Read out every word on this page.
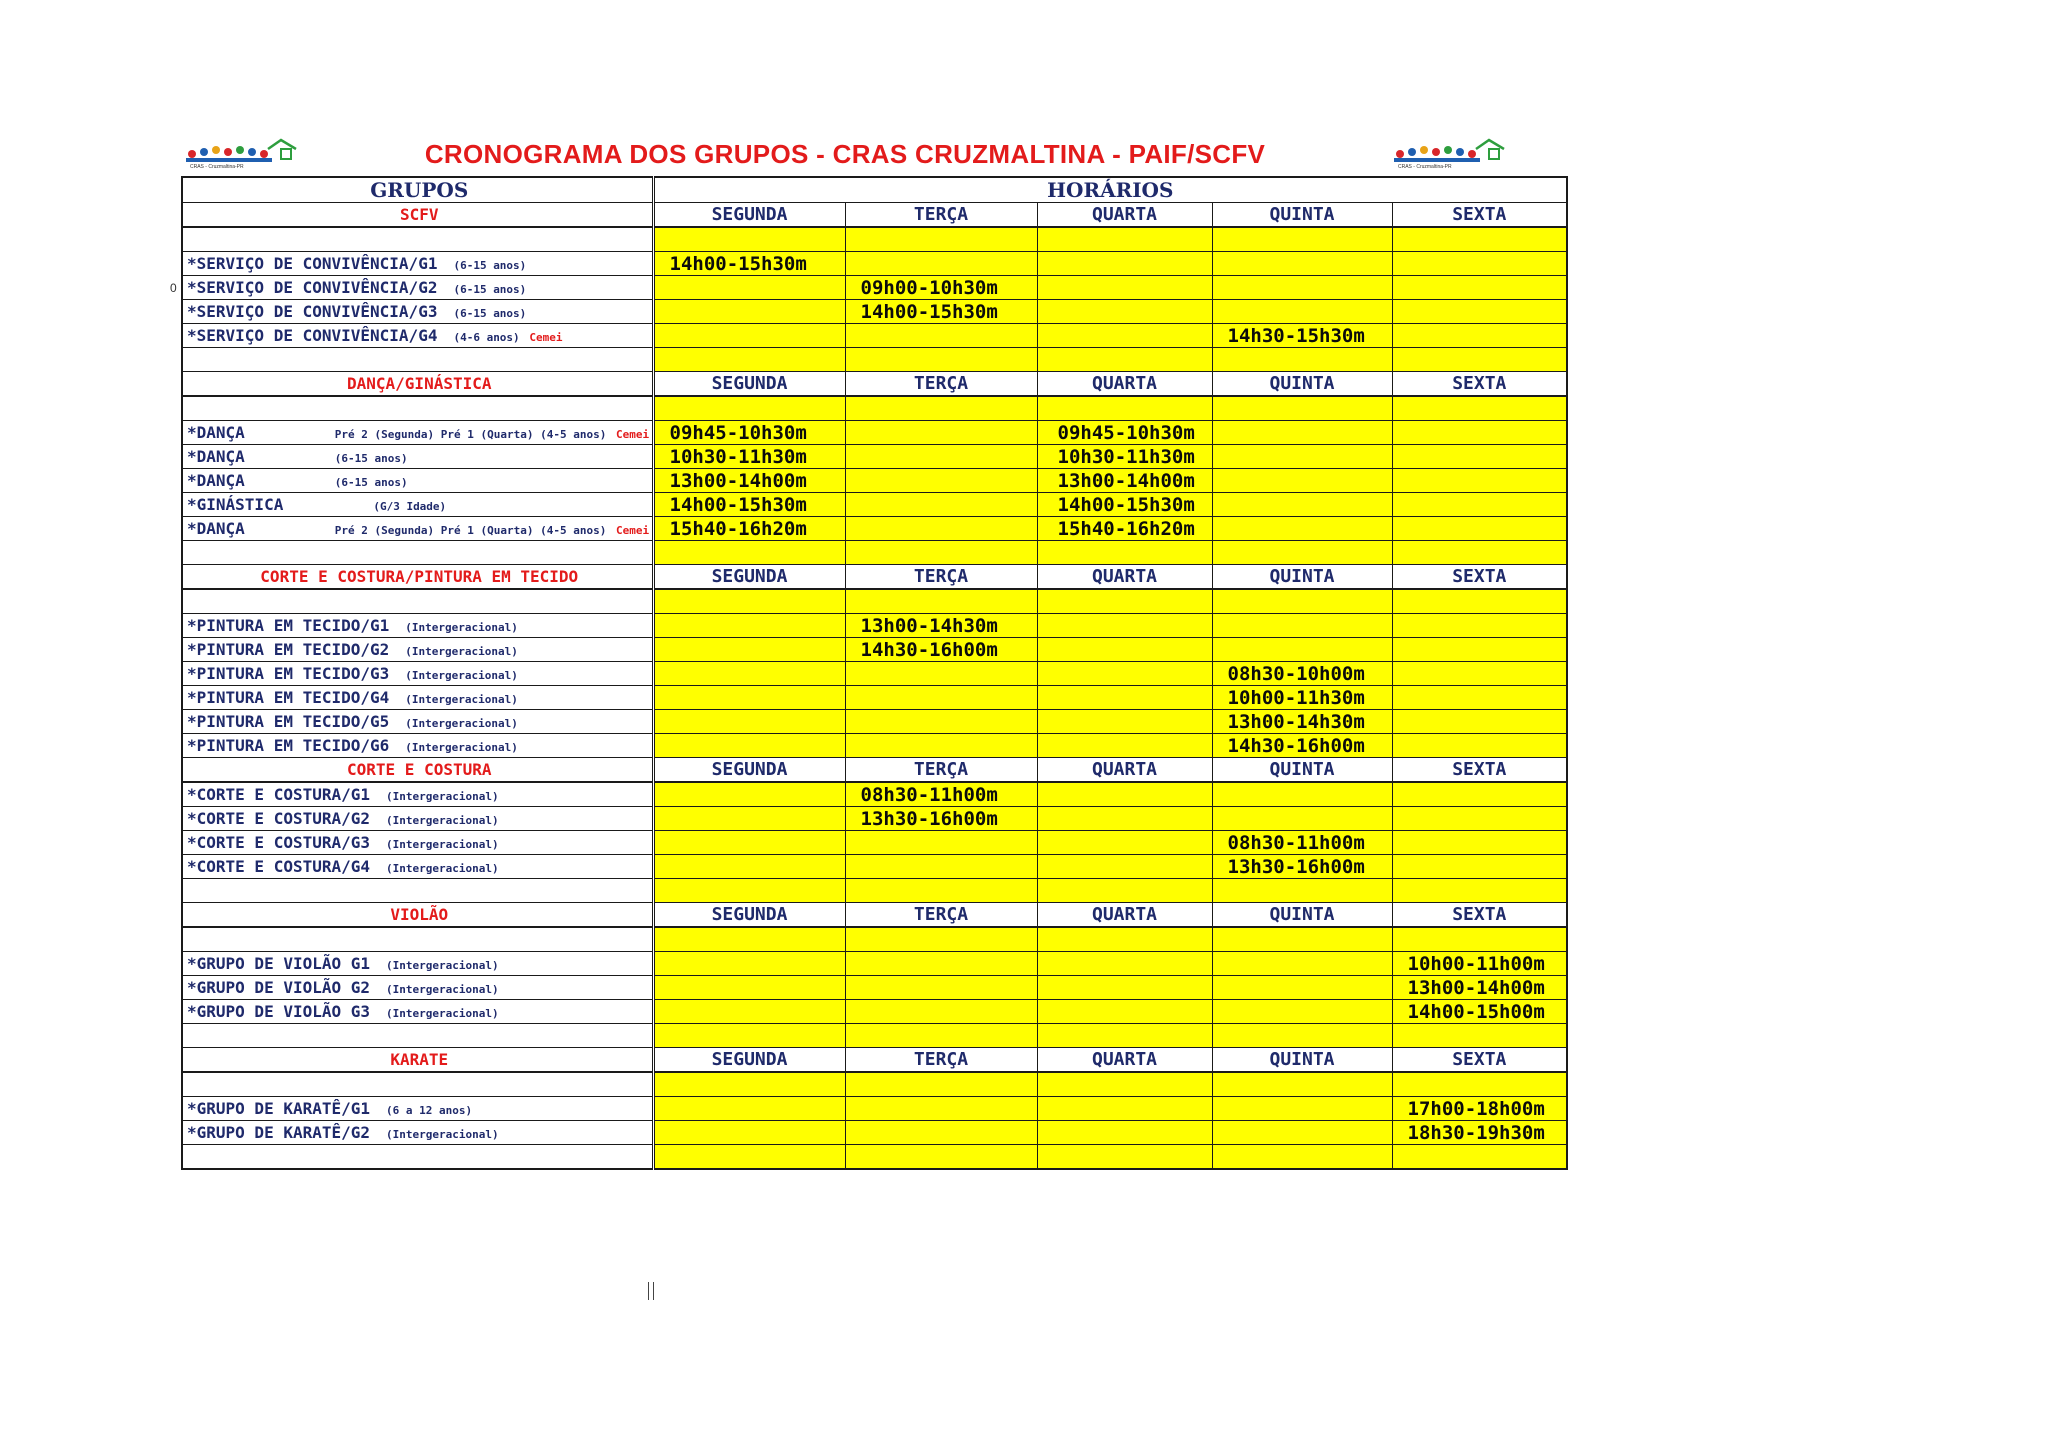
CRAS - Cruzmaltina-PR	CRONOGRAMA DOS GRUPOS - CRAS CRUZMALTINA - PAIF/SCFV	CRAS - Cruzmaltina-PR
0
GRUPOS	HORÁRIOS				
SCFV	SEGUNDA	TERÇA	QUARTA	QUINTA	SEXTA

*SERVIÇO DE CONVIVÊNCIA/G1 (6-15 anos)	14h00-15h30m				
*SERVIÇO DE CONVIVÊNCIA/G2 (6-15 anos)		09h00-10h30m			
*SERVIÇO DE CONVIVÊNCIA/G3 (6-15 anos)		14h00-15h30m			
*SERVIÇO DE CONVIVÊNCIA/G4 (4-6 anos) Cemei				14h30-15h30m	

DANÇA/GINÁSTICA	SEGUNDA	TERÇA	QUARTA	QUINTA	SEXTA

*DANÇA Pré 2 (Segunda) Pré 1 (Quarta) (4-5 anos) Cemei	09h45-10h30m		09h45-10h30m		
*DANÇA (6-15 anos)	10h30-11h30m		10h30-11h30m		
*DANÇA (6-15 anos)	13h00-14h00m		13h00-14h00m		
*GINÁSTICA (G/3 Idade)	14h00-15h30m		14h00-15h30m		
*DANÇA Pré 2 (Segunda) Pré 1 (Quarta) (4-5 anos) Cemei	15h40-16h20m		15h40-16h20m		

CORTE E COSTURA/PINTURA EM TECIDO	SEGUNDA	TERÇA	QUARTA	QUINTA	SEXTA

*PINTURA EM TECIDO/G1 (Intergeracional)		13h00-14h30m			
*PINTURA EM TECIDO/G2 (Intergeracional)		14h30-16h00m			
*PINTURA EM TECIDO/G3 (Intergeracional)				08h30-10h00m	
*PINTURA EM TECIDO/G4 (Intergeracional)				10h00-11h30m	
*PINTURA EM TECIDO/G5 (Intergeracional)				13h00-14h30m	
*PINTURA EM TECIDO/G6 (Intergeracional)				14h30-16h00m	
CORTE E COSTURA	SEGUNDA	TERÇA	QUARTA	QUINTA	SEXTA
*CORTE E COSTURA/G1 (Intergeracional)		08h30-11h00m			
*CORTE E COSTURA/G2 (Intergeracional)		13h30-16h00m			
*CORTE E COSTURA/G3 (Intergeracional)				08h30-11h00m	
*CORTE E COSTURA/G4 (Intergeracional)				13h30-16h00m	

VIOLÃO	SEGUNDA	TERÇA	QUARTA	QUINTA	SEXTA

*GRUPO DE VIOLÃO G1 (Intergeracional)					10h00-11h00m
*GRUPO DE VIOLÃO G2 (Intergeracional)					13h00-14h00m
*GRUPO DE VIOLÃO G3 (Intergeracional)					14h00-15h00m

KARATE	SEGUNDA	TERÇA	QUARTA	QUINTA	SEXTA

*GRUPO DE KARATÊ/G1 (6 a 12 anos)					17h00-18h00m
*GRUPO DE KARATÊ/G2 (Intergeracional)					18h30-19h30m
